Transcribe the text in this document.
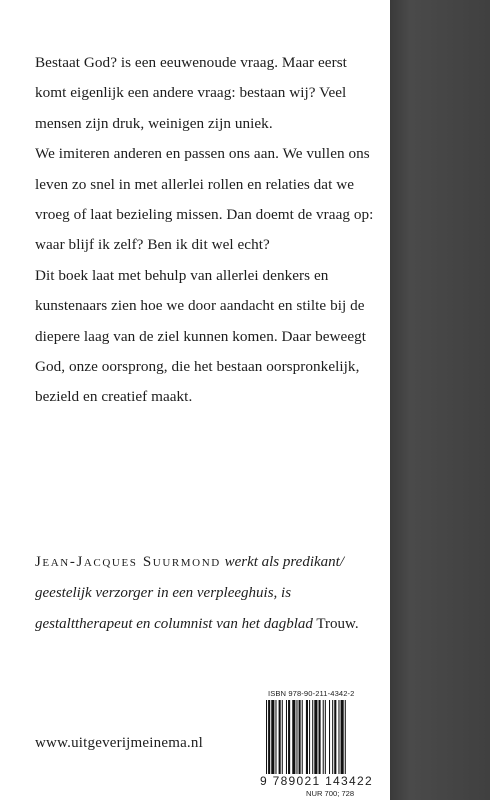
Bestaat God? is een eeuwenoude vraag. Maar eerst komt eigenlijk een andere vraag: bestaan wij? Veel mensen zijn druk, weinigen zijn uniek.

We imiteren anderen en passen ons aan. We vullen ons leven zo snel in met allerlei rollen en relaties dat we vroeg of laat bezieling missen. Dan doemt de vraag op: waar blijf ik zelf? Ben ik dit wel echt?

Dit boek laat met behulp van allerlei denkers en kunstenaars zien hoe we door aandacht en stilte bij de diepere laag van de ziel kunnen komen. Daar beweegt God, onze oorsprong, die het bestaan oorspronkelijk, bezield en creatief maakt.

Jean-Jacques Suurmond werkt als predikant/ geestelijk verzorger in een verpleeghuis, is gestalttherapeut en columnist van het dagblad Trouw.
www.uitgeverijmeinema.nl
ISBN 978-90-211-4342-2
9 789021 143422
NUR 700; 728
